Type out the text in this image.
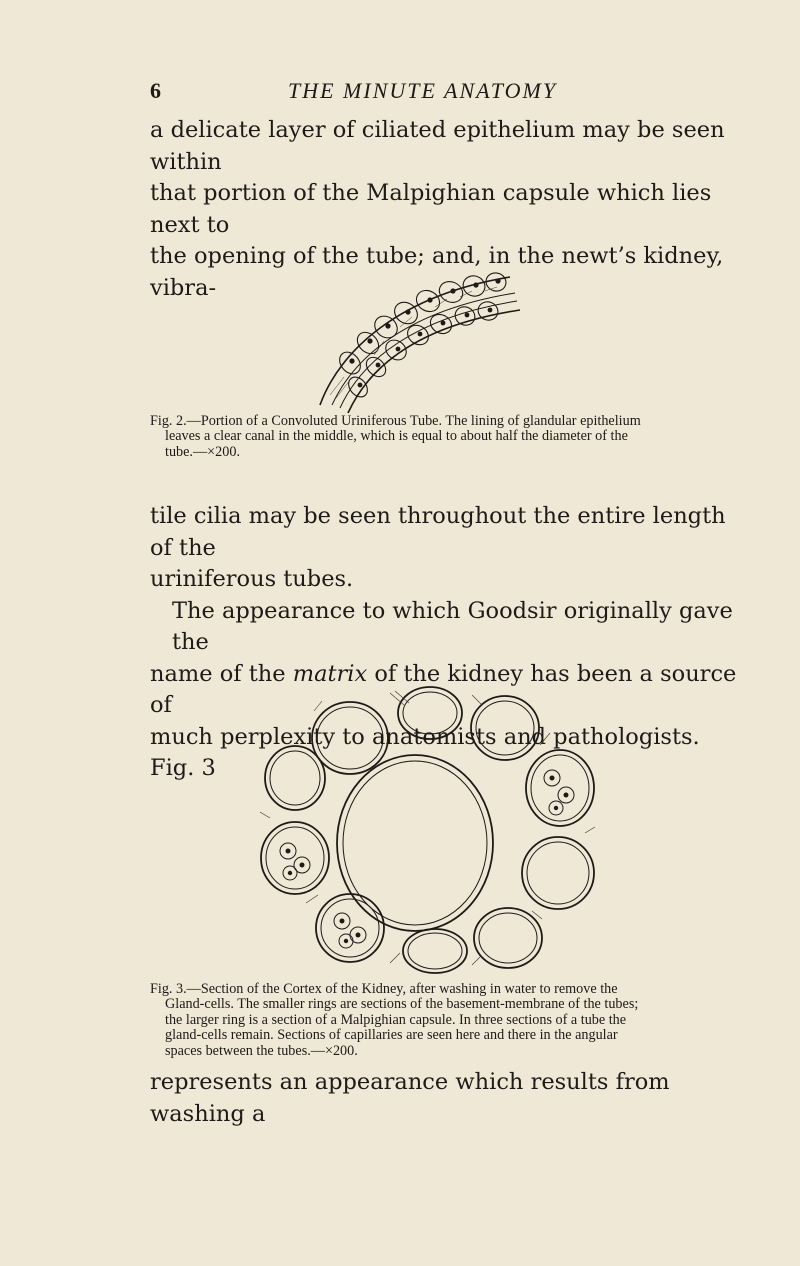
6	THE MINUTE ANATOMY

a delicate layer of ciliated epithelium may be seen within
that portion of the Malpighian capsule which lies next to
the opening of the tube; and, in the newt’s kidney, vibra-

Fig. 2.—Portion of a Convoluted Uriniferous Tube. The lining of glandular epithelium

leaves a clear canal in the middle, which is equal to about half the diameter of the
tube.—×200.

tile cilia may be seen throughout the entire length of the
uriniferous tubes.
The appearance to which Goodsir originally gave the
name of the matrix of the kidney has been a source of
much perplexity to anatomists and pathologists. Fig. 3

Fig. 3.—Section of the Cortex of the Kidney, after washing in water to remove the

Gland-cells. The smaller rings are sections of the basement-membrane of the tubes;
the larger ring is a section of a Malpighian capsule. In three sections of a tube the
gland-cells remain. Sections of capillaries are seen here and there in the angular
spaces between the tubes.—×200.

represents an appearance which results from washing a
